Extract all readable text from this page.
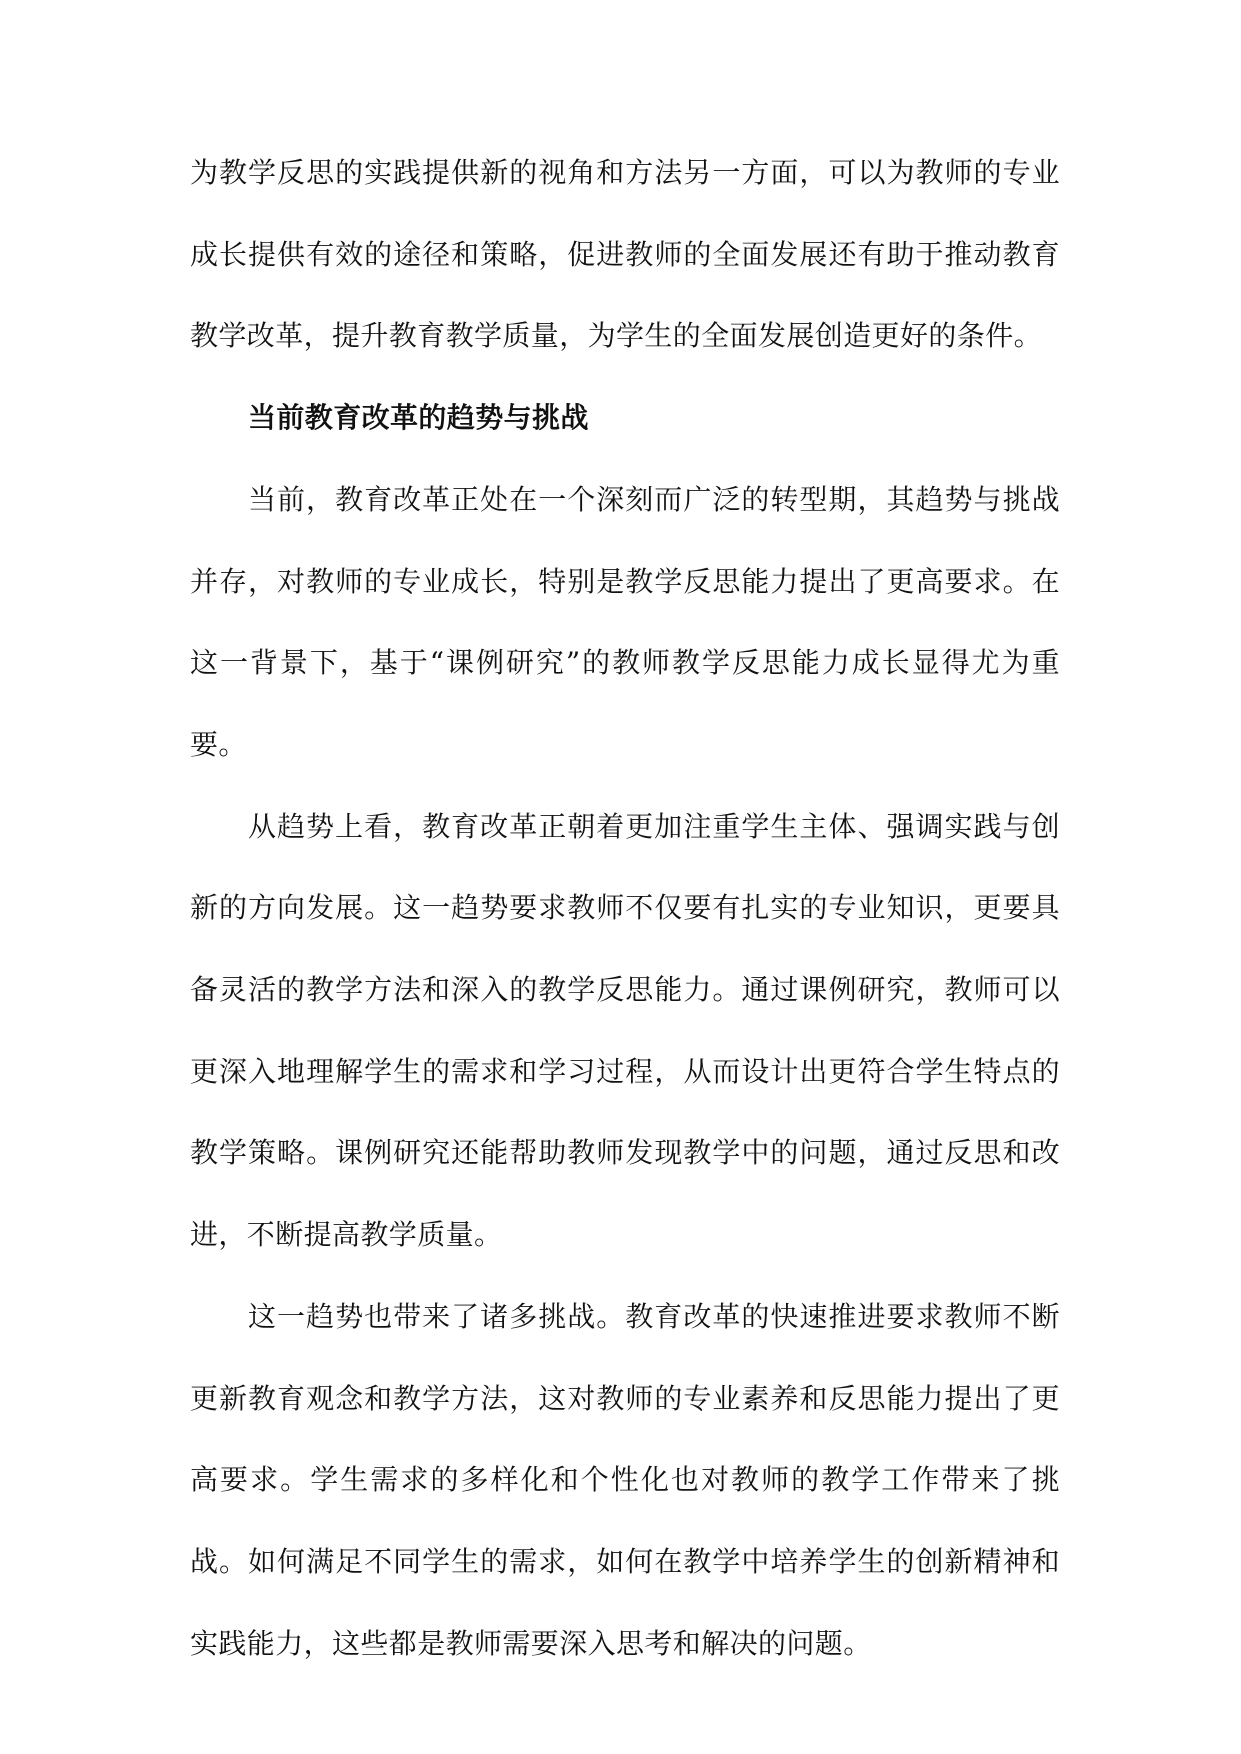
为教学反思的实践提供新的视角和方法另一方面，可以为教师的专业成长提供有效的途径和策略，促进教师的全面发展还有助于推动教育教学改革，提升教育教学质量，为学生的全面发展创造更好的条件。

当前教育改革的趋势与挑战

当前，教育改革正处在一个深刻而广泛的转型期，其趋势与挑战并存，对教师的专业成长，特别是教学反思能力提出了更高要求。在这一背景下，基于“课例研究”的教师教学反思能力成长显得尤为重要。

从趋势上看，教育改革正朝着更加注重学生主体、强调实践与创新的方向发展。这一趋势要求教师不仅要有扎实的专业知识，更要具备灵活的教学方法和深入的教学反思能力。通过课例研究，教师可以更深入地理解学生的需求和学习过程，从而设计出更符合学生特点的教学策略。课例研究还能帮助教师发现教学中的问题，通过反思和改进，不断提高教学质量。

这一趋势也带来了诸多挑战。教育改革的快速推进要求教师不断更新教育观念和教学方法，这对教师的专业素养和反思能力提出了更高要求。学生需求的多样化和个性化也对教师的教学工作带来了挑战。如何满足不同学生的需求，如何在教学中培养学生的创新精神和实践能力，这些都是教师需要深入思考和解决的问题。
